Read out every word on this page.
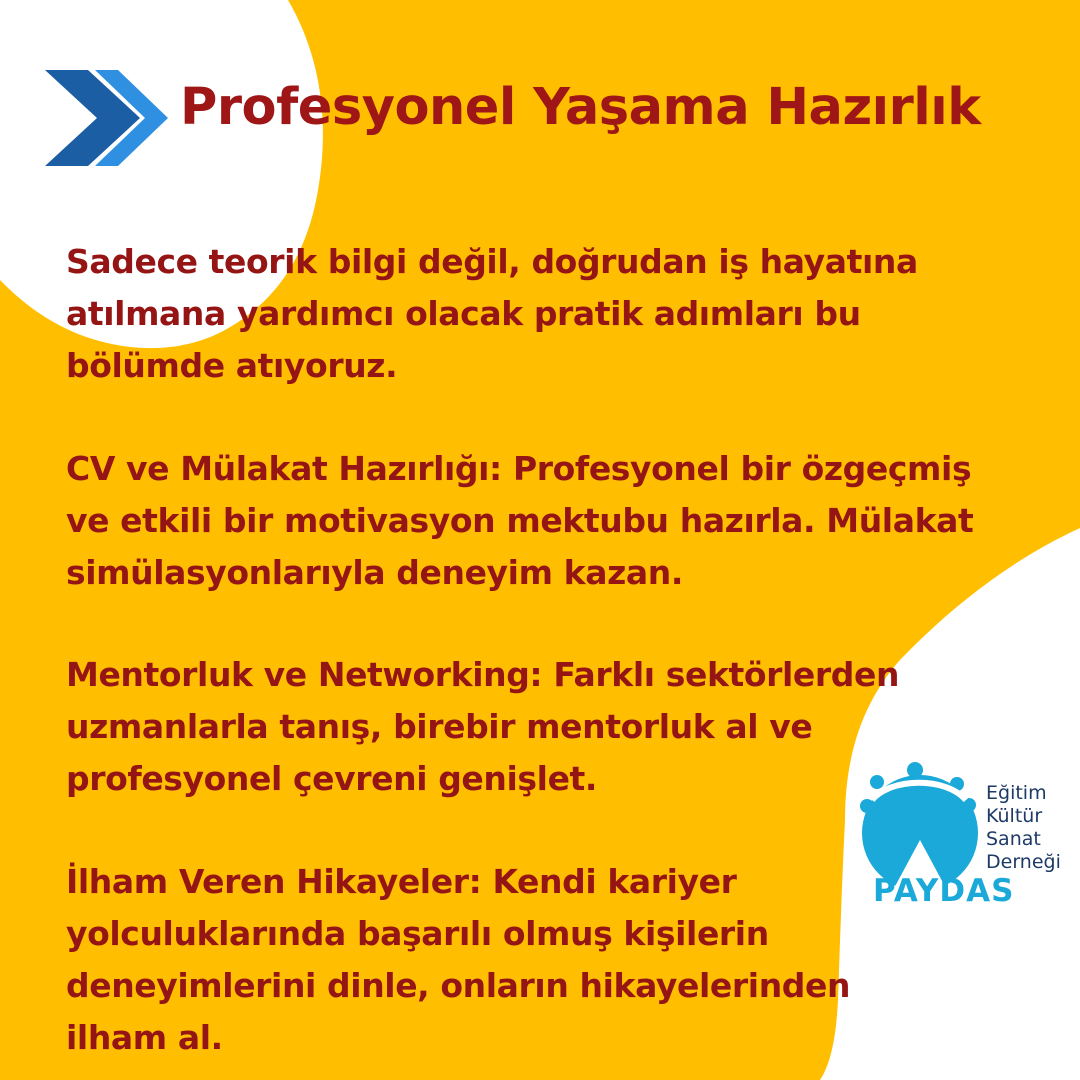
Profesyonel Yaşama Hazırlık

Sadece teorik bilgi değil, doğrudan iş hayatına
atılmana yardımcı olacak pratik adımları bu
bölümde atıyoruz.

CV ve Mülakat Hazırlığı: Profesyonel bir özgeçmiş
ve etkili bir motivasyon mektubu hazırla. Mülakat
simülasyonlarıyla deneyim kazan.

Mentorluk ve Networking: Farklı sektörlerden
uzmanlarla tanış, birebir mentorluk al ve
profesyonel çevreni genişlet.

İlham Veren Hikayeler: Kendi kariyer
yolculuklarında başarılı olmuş kişilerin
deneyimlerini dinle, onların hikayelerinden
ilham al.

Eğitim
Kültür
Sanat
Derneği
PAYDAS
